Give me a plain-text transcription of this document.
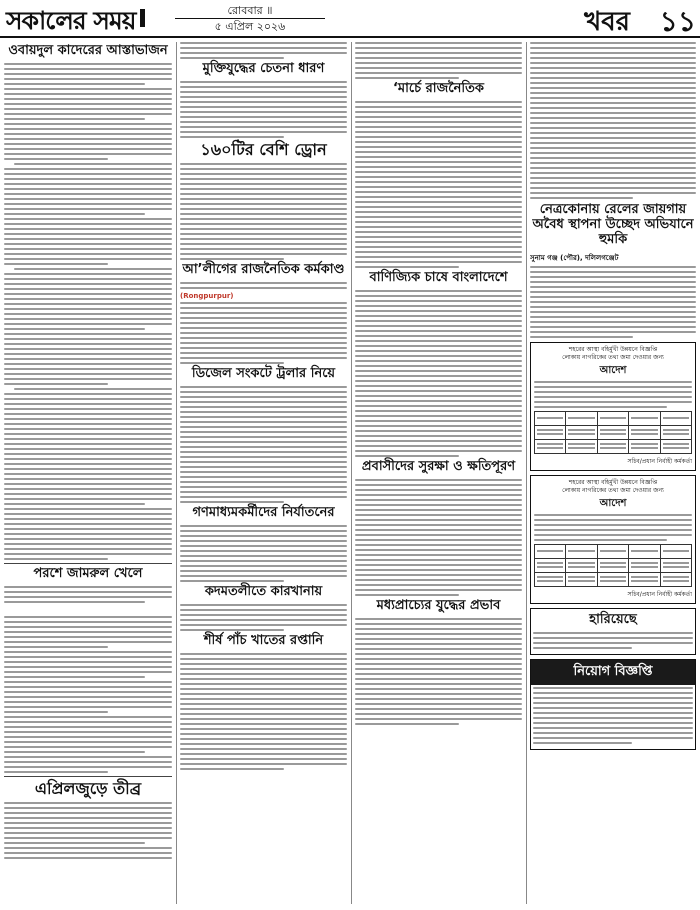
সকালের সময়	রোববার ॥
৫ এপ্রিল ২০২৬	খবর ১১
ওবায়দুল কাদেরের আস্তাভাজন
পরশে জামরুল খেলে

এপ্রিলজুড়ে তীব্র
মুক্তিযুদ্ধের চেতনা ধারণ
১৬০টির বেশি ড্রোন
আ’লীগের রাজনৈতিক কর্মকাণ্ড
(Rongpurpur)
ডিজেল সংকটে ট্রলার নিয়ে
গণমাধ্যমকর্মীদের নির্যাতনের
কদমতলীতে কারখানায়
শীর্ষ পাঁচ খাতের রপ্তানি
‘মার্চে রাজনৈতিক
বাণিজ্যিক চাষে বাংলাদেশে
প্রবাসীদের সুরক্ষা ও ক্ষতিপূরণ
মধ্যপ্রাচ্যের যুদ্ধের প্রভাব
নেত্রকোনায় রেলের জায়গায় অবৈধ স্থাপনা উচ্ছেদ অভিযানে হুমকি
সুনাম গঞ্জ (পৌর), দলিলগঞ্জেট
শহরের আস্থা বহির্মুখী উন্নয়নে বিজ্ঞপ্তি
লোকায় নাগরিকের তথ্য জমা দেওয়ার জন্য
আদেশ

সচিব/প্রধান নির্বাহী কর্মকর্তা
শহরের আস্থা বহির্মুখী উন্নয়নে বিজ্ঞপ্তি
লোকায় নাগরিকের তথ্য জমা দেওয়ার জন্য
আদেশ

সচিব/প্রধান নির্বাহী কর্মকর্তা
হারিয়েছে
নিয়োগ বিজ্ঞপ্তি
